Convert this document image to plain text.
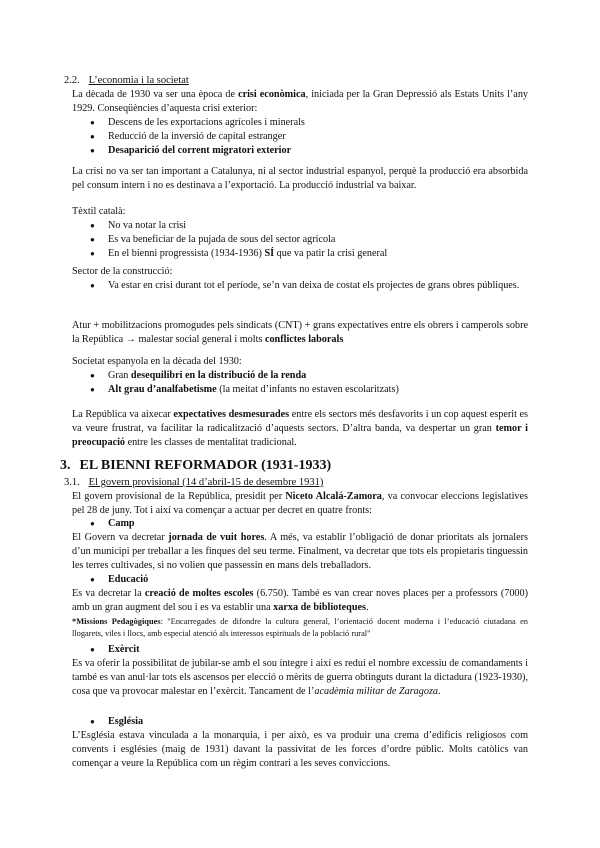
2.2. L’economia i la societat
La dècada de 1930 va ser una època de crisi econòmica, iniciada per la Gran Depressió als Estats Units l’any 1929. Conseqüències d’aquesta crisi exterior:
● Descens de les exportacions agrícoles i minerals
● Reducció de la inversió de capital estranger
● Desaparició del corrent migratori exterior
La crisi no va ser tan important a Catalunya, ni al sector industrial espanyol, perquè la producció era absorbida pel consum intern i no es destinava a l’exportació. La producció industrial va baixar.
Tèxtil català:
● No va notar la crisi
● Es va beneficiar de la pujada de sous del sector agrícola
● En el bienni progressista (1934-1936) SÍ que va patir la crisi general
Sector de la construcció:
● Va estar en crisi durant tot el període, se’n van deixa de costat els projectes de grans obres públiques.
Atur + mobilitzacions promogudes pels sindicats (CNT) + grans expectatives entre els obrers i camperols sobre la República → malestar social general i molts conflictes laborals
Societat espanyola en la dècada del 1930:
● Gran desequilibri en la distribució de la renda
● Alt grau d’analfabetisme (la meitat d’infants no estaven escolaritzats)
La República va aixecar expectatives desmesurades entre els sectors més desfavorits i un cop aquest esperit es va veure frustrat, va facilitar la radicalització d’aquests sectors. D’altra banda, va despertar un gran temor i preocupació entre les classes de mentalitat tradicional.
3. EL BIENNI REFORMADOR (1931-1933)
3.1. El govern provisional (14 d’abril-15 de desembre 1931)
El govern provisional de la República, presidit per Niceto Alcalá-Zamora, va convocar eleccions legislatives pel 28 de juny. Tot i així va començar a actuar per decret en quatre fronts:
● Camp
El Govern va decretar jornada de vuit hores. A més, va establir l’obligació de donar prioritats als jornalers d’un municipi per treballar a les finques del seu terme. Finalment, va decretar que tots els propietaris tinguessin les terres cultivades, si no volien que passessin en mans dels treballadors.
● Educació
Es va decretar la creació de moltes escoles (6.750). També es van crear noves places per a professors (7000) amb un gran augment del sou i es va establir una xarxa de biblioteques.
*Missions Pedagògiques: "Encarregades de difondre la cultura general, l’orientació docent moderna i l’educació ciutadana en llogarets, viles i llocs, amb especial atenció als interessos espirituals de la població rural"
● Exèrcit
Es va oferir la possibilitat de jubilar-se amb el sou íntegre i així es reduí el nombre excessiu de comandaments i també es van anul·lar tots els ascensos per elecció o mèrits de guerra obtinguts durant la dictadura (1923-1930), cosa que va provocar malestar en l’exèrcit. Tancament de l’acadèmia militar de Zaragoza.
● Església
L’Església estava vinculada a la monarquia, i per això, es va produir una crema d’edificis religiosos com convents i esglésies (maig de 1931) davant la passivitat de les forces d’ordre públic. Molts catòlics van començar a veure la República com un règim contrari a les seves conviccions.
